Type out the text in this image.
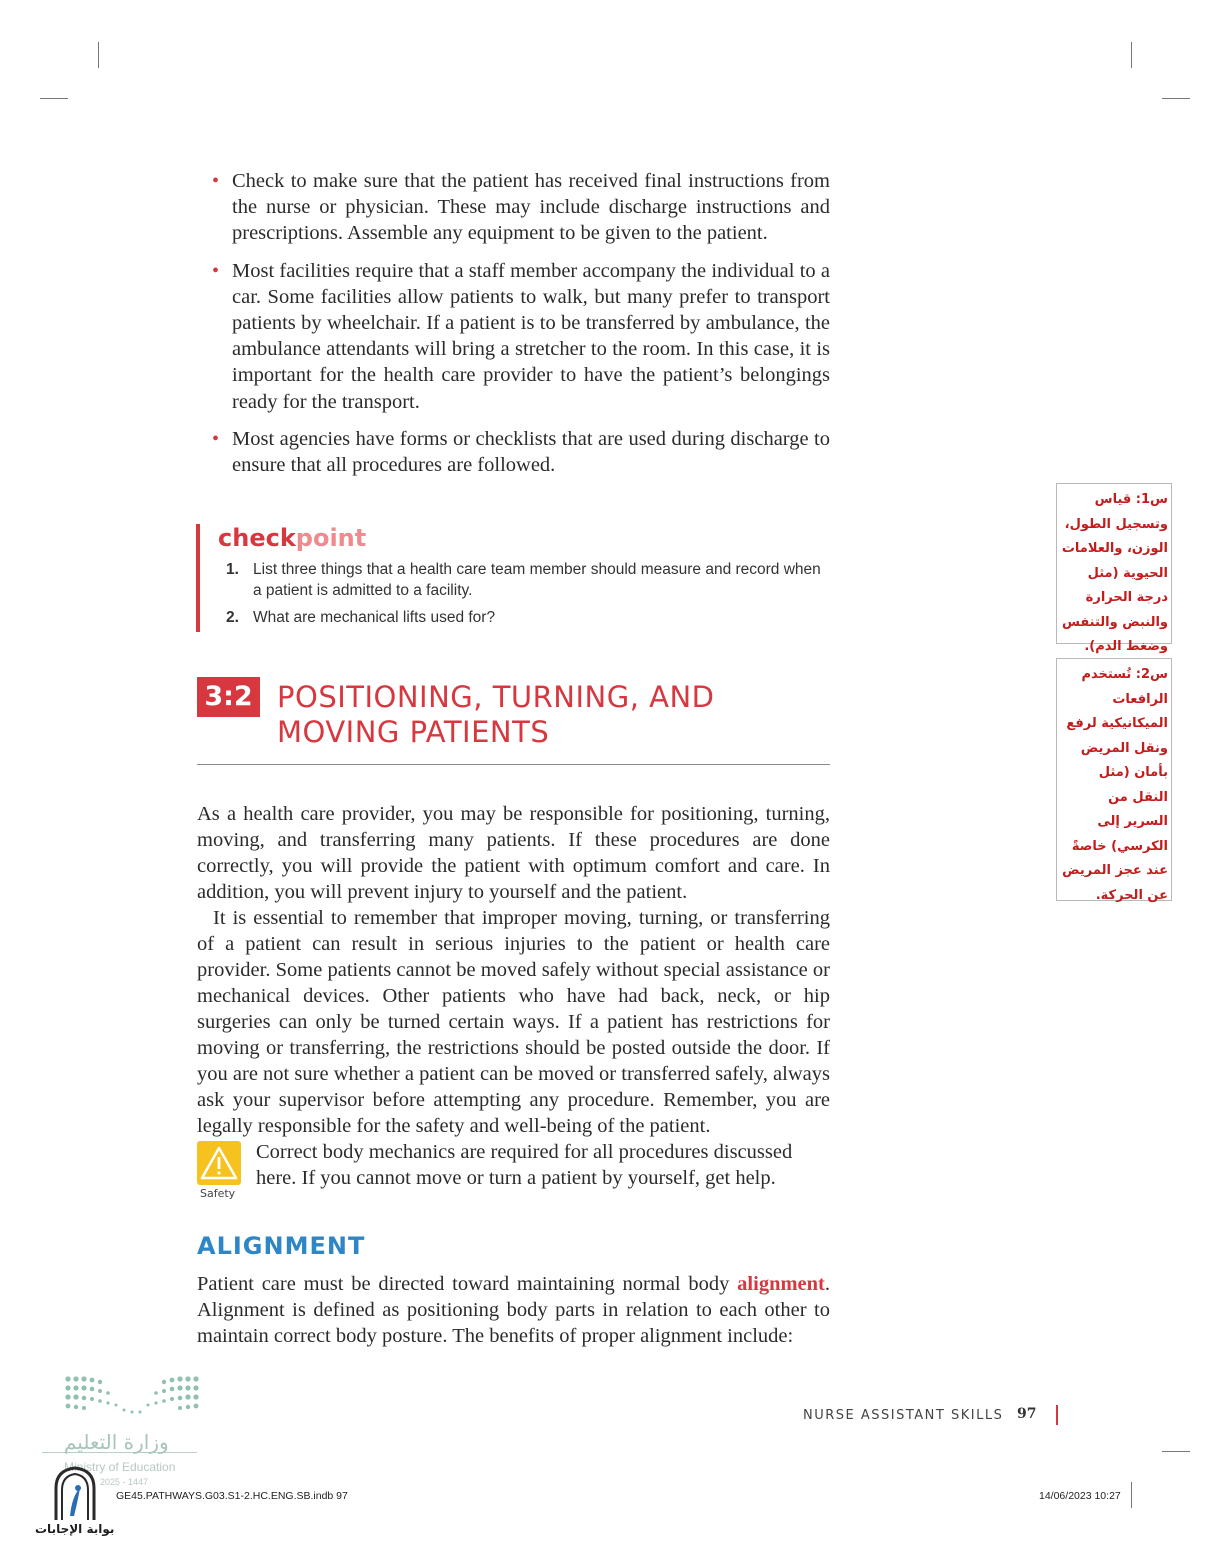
• Check to make sure that the patient has received final instructions from the nurse or physician. These may include discharge instructions and prescriptions. Assemble any equipment to be given to the patient.
• Most facilities require that a staff member accompany the individual to a car. Some facilities allow patients to walk, but many prefer to transport patients by wheelchair. If a patient is to be transferred by ambulance, the ambulance attendants will bring a stretcher to the room. In this case, it is important for the health care provider to have the patient’s belongings ready for the transport.
• Most agencies have forms or checklists that are used during discharge to ensure that all procedures are followed.
checkpoint
1. List three things that a health care team member should measure and record when a patient is admitted to a facility.
2. What are mechanical lifts used for?
3:2 POSITIONING, TURNING, AND
MOVING PATIENTS

As a health care provider, you may be responsible for positioning, turning, moving, and transferring many patients. If these procedures are done correctly, you will provide the patient with optimum comfort and care. In addition, you will prevent injury to yourself and the patient.

It is essential to remember that improper moving, turning, or transferring of a patient can result in serious injuries to the patient or health care provider. Some patients cannot be moved safely without special assistance or mechanical devices. Other patients who have had back, neck, or hip surgeries can only be turned certain ways. If a patient has restrictions for moving or transferring, the restrictions should be posted outside the door. If you are not sure whether a patient can be moved or transferred safely, always ask your supervisor before attempting any procedure. Remember, you are legally responsible for the safety and well-being of the patient.

Safety

Correct body mechanics are required for all procedures discussed here. If you cannot move or turn a patient by yourself, get help.

ALIGNMENT

Patient care must be directed toward maintaining normal body alignment. Alignment is defined as positioning body parts in relation to each other to maintain correct body posture. The benefits of proper alignment include:

س1: قياس وتسجيل الطول، الوزن، والعلامات الحيوية (مثل درجة الحرارة والنبض والتنفس وضغط الدم).
س2: تُستخدم الرافعات الميكانيكية لرفع ونقل المريض بأمان (مثل النقل من السرير إلى الكرسي) خاصةً عند عجز المريض عن الحركة.
NURSE ASSISTANT SKILLS 97
GE45.PATHWAYS.G03.S1-2.HC.ENG.SB.indb 97	14/06/2023 10:27
وزارة التعليم
Ministry of Education
2025 - 1447
بوابة الإجابات
